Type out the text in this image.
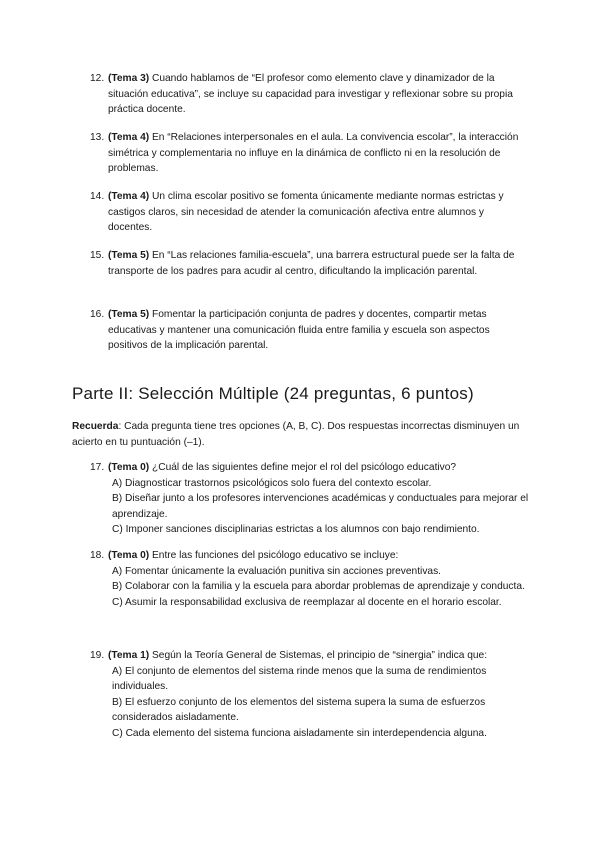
12. (Tema 3) Cuando hablamos de “El profesor como elemento clave y dinamizador de la situación educativa”, se incluye su capacidad para investigar y reflexionar sobre su propia práctica docente.
13. (Tema 4) En “Relaciones interpersonales en el aula. La convivencia escolar”, la interacción simétrica y complementaria no influye en la dinámica de conflicto ni en la resolución de problemas.
14. (Tema 4) Un clima escolar positivo se fomenta únicamente mediante normas estrictas y castigos claros, sin necesidad de atender la comunicación afectiva entre alumnos y docentes.
15. (Tema 5) En “Las relaciones familia-escuela”, una barrera estructural puede ser la falta de transporte de los padres para acudir al centro, dificultando la implicación parental.
16. (Tema 5) Fomentar la participación conjunta de padres y docentes, compartir metas educativas y mantener una comunicación fluida entre familia y escuela son aspectos positivos de la implicación parental.
Parte II: Selección Múltiple (24 preguntas, 6 puntos)
Recuerda: Cada pregunta tiene tres opciones (A, B, C). Dos respuestas incorrectas disminuyen un acierto en tu puntuación (–1).
17. (Tema 0) ¿Cuál de las siguientes define mejor el rol del psicólogo educativo?
A) Diagnosticar trastornos psicológicos solo fuera del contexto escolar.
B) Diseñar junto a los profesores intervenciones académicas y conductuales para mejorar el aprendizaje.
C) Imponer sanciones disciplinarias estrictas a los alumnos con bajo rendimiento.
18. (Tema 0) Entre las funciones del psicólogo educativo se incluye:
A) Fomentar únicamente la evaluación punitiva sin acciones preventivas.
B) Colaborar con la familia y la escuela para abordar problemas de aprendizaje y conducta.
C) Asumir la responsabilidad exclusiva de reemplazar al docente en el horario escolar.
19. (Tema 1) Según la Teoría General de Sistemas, el principio de “sinergia” indica que:
A) El conjunto de elementos del sistema rinde menos que la suma de rendimientos individuales.
B) El esfuerzo conjunto de los elementos del sistema supera la suma de esfuerzos considerados aisladamente.
C) Cada elemento del sistema funciona aisladamente sin interdependencia alguna.
